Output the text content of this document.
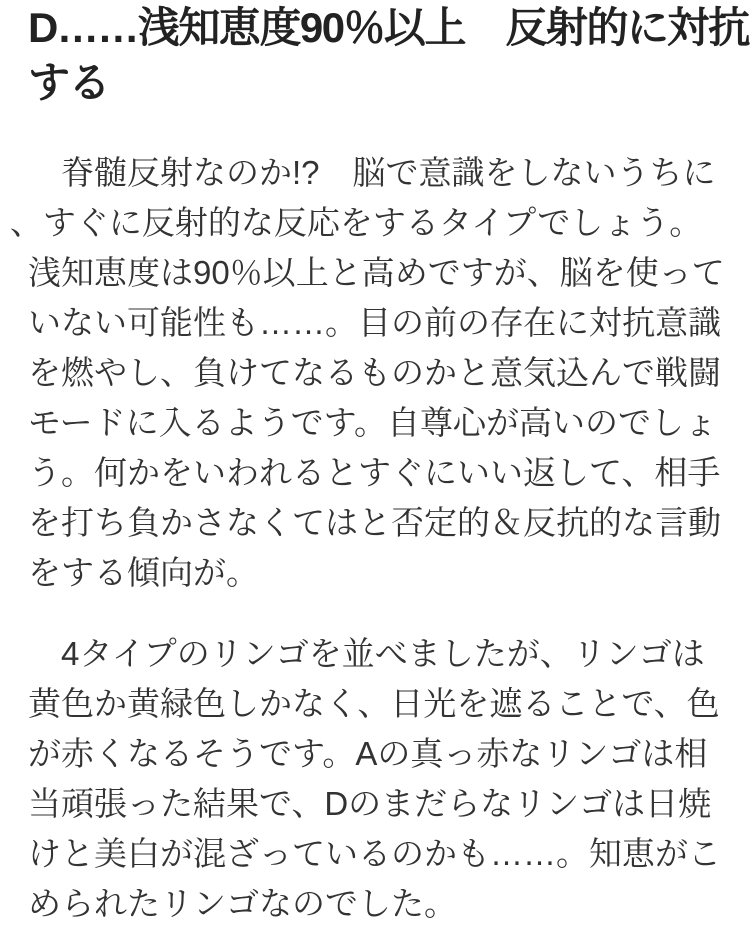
D……浅知恵度90％以上　反射的に対抗
する

　脊髄反射なのか!?　脳で意識をしないうちに
、すぐに反射的な反応をするタイプでしょう。
浅知恵度は90％以上と高めですが、脳を使って
いない可能性も……。目の前の存在に対抗意識
を燃やし、負けてなるものかと意気込んで戦闘
モードに入るようです。自尊心が高いのでしょ
う。何かをいわれるとすぐにいい返して、相手
を打ち負かさなくてはと否定的＆反抗的な言動
をする傾向が。

　4タイプのリンゴを並べましたが、リンゴは
黄色か黄緑色しかなく、日光を遮ることで、色
が赤くなるそうです。Aの真っ赤なリンゴは相
当頑張った結果で、Dのまだらなリンゴは日焼
けと美白が混ざっているのかも……。知恵がこ
められたリンゴなのでした。
